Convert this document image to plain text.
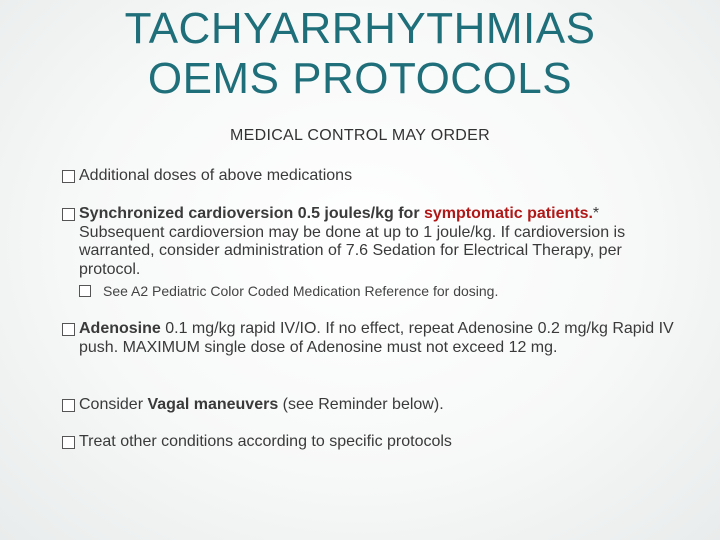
TACHYARRHYTHMIAS
OEMS PROTOCOLS
MEDICAL CONTROL MAY ORDER
Additional doses of above medications
Synchronized cardioversion 0.5 joules/kg for symptomatic patients.* Subsequent cardioversion may be done at up to 1 joule/kg. If cardioversion is warranted, consider administration of 7.6 Sedation for Electrical Therapy, per protocol.
See A2 Pediatric Color Coded Medication Reference for dosing.
Adenosine 0.1 mg/kg rapid IV/IO. If no effect, repeat Adenosine 0.2 mg/kg Rapid IV push. MAXIMUM single dose of Adenosine must not exceed 12 mg.
Consider Vagal maneuvers (see Reminder below).
Treat other conditions according to specific protocols
